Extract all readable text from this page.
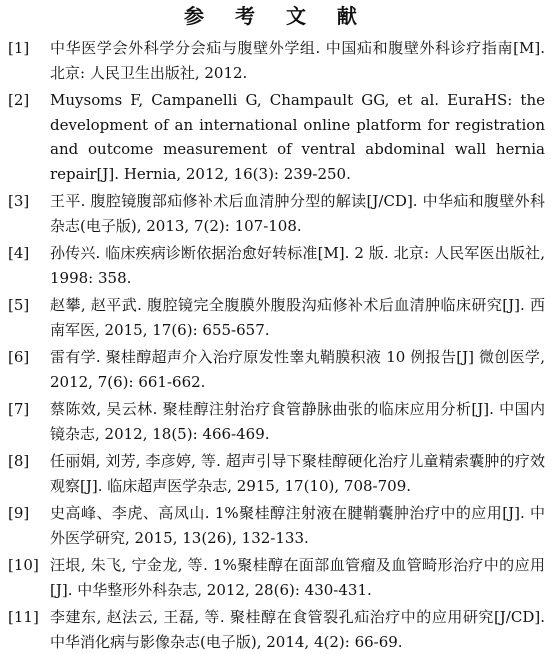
参 考 文 献
[1]	中华医学会外科学分会疝与腹壁外学组. 中国疝和腹壁外科诊疗指南[M]. 北京: 人民卫生出版社, 2012.
[2]	Muysoms F, Campanelli G, Champault GG, et al. EuraHS: the development of an international online platform for registration and outcome measurement of ventral abdominal wall hernia repair[J]. Hernia, 2012, 16(3): 239-250.
[3]	王平. 腹腔镜腹部疝修补术后血清肿分型的解读[J/CD]. 中华疝和腹壁外科杂志(电子版), 2013, 7(2): 107-108.
[4]	孙传兴. 临床疾病诊断依据治愈好转标准[M]. 2 版. 北京: 人民军医出版社, 1998: 358.
[5]	赵攀, 赵平武. 腹腔镜完全腹膜外腹股沟疝修补术后血清肿临床研究[J]. 西南军医, 2015, 17(6): 655-657.
[6]	雷有学. 聚桂醇超声介入治疗原发性睾丸鞘膜积液 10 例报告[J] 微创医学, 2012, 7(6): 661-662.
[7]	蔡陈效, 吴云林. 聚桂醇注射治疗食管静脉曲张的临床应用分析[J]. 中国内镜杂志, 2012, 18(5): 466-469.
[8]	任丽娟, 刘芳, 李彦婷, 等. 超声引导下聚桂醇硬化治疗儿童精索囊肿的疗效观察[J]. 临床超声医学杂志, 2915, 17(10), 708-709.
[9]	史高峰、李虎、高凤山. 1%聚桂醇注射液在腱鞘囊肿治疗中的应用[J]. 中外医学研究, 2015, 13(26), 132-133.
[10] 汪垠, 朱飞, 宁金龙, 等. 1%聚桂醇在面部血管瘤及血管畸形治疗中的应用[J]. 中华整形外科杂志, 2012, 28(6): 430-431.
[11] 李建东, 赵法云, 王磊, 等. 聚桂醇在食管裂孔疝治疗中的应用研究[J/CD]. 中华消化病与影像杂志(电子版), 2014, 4(2): 66-69.
